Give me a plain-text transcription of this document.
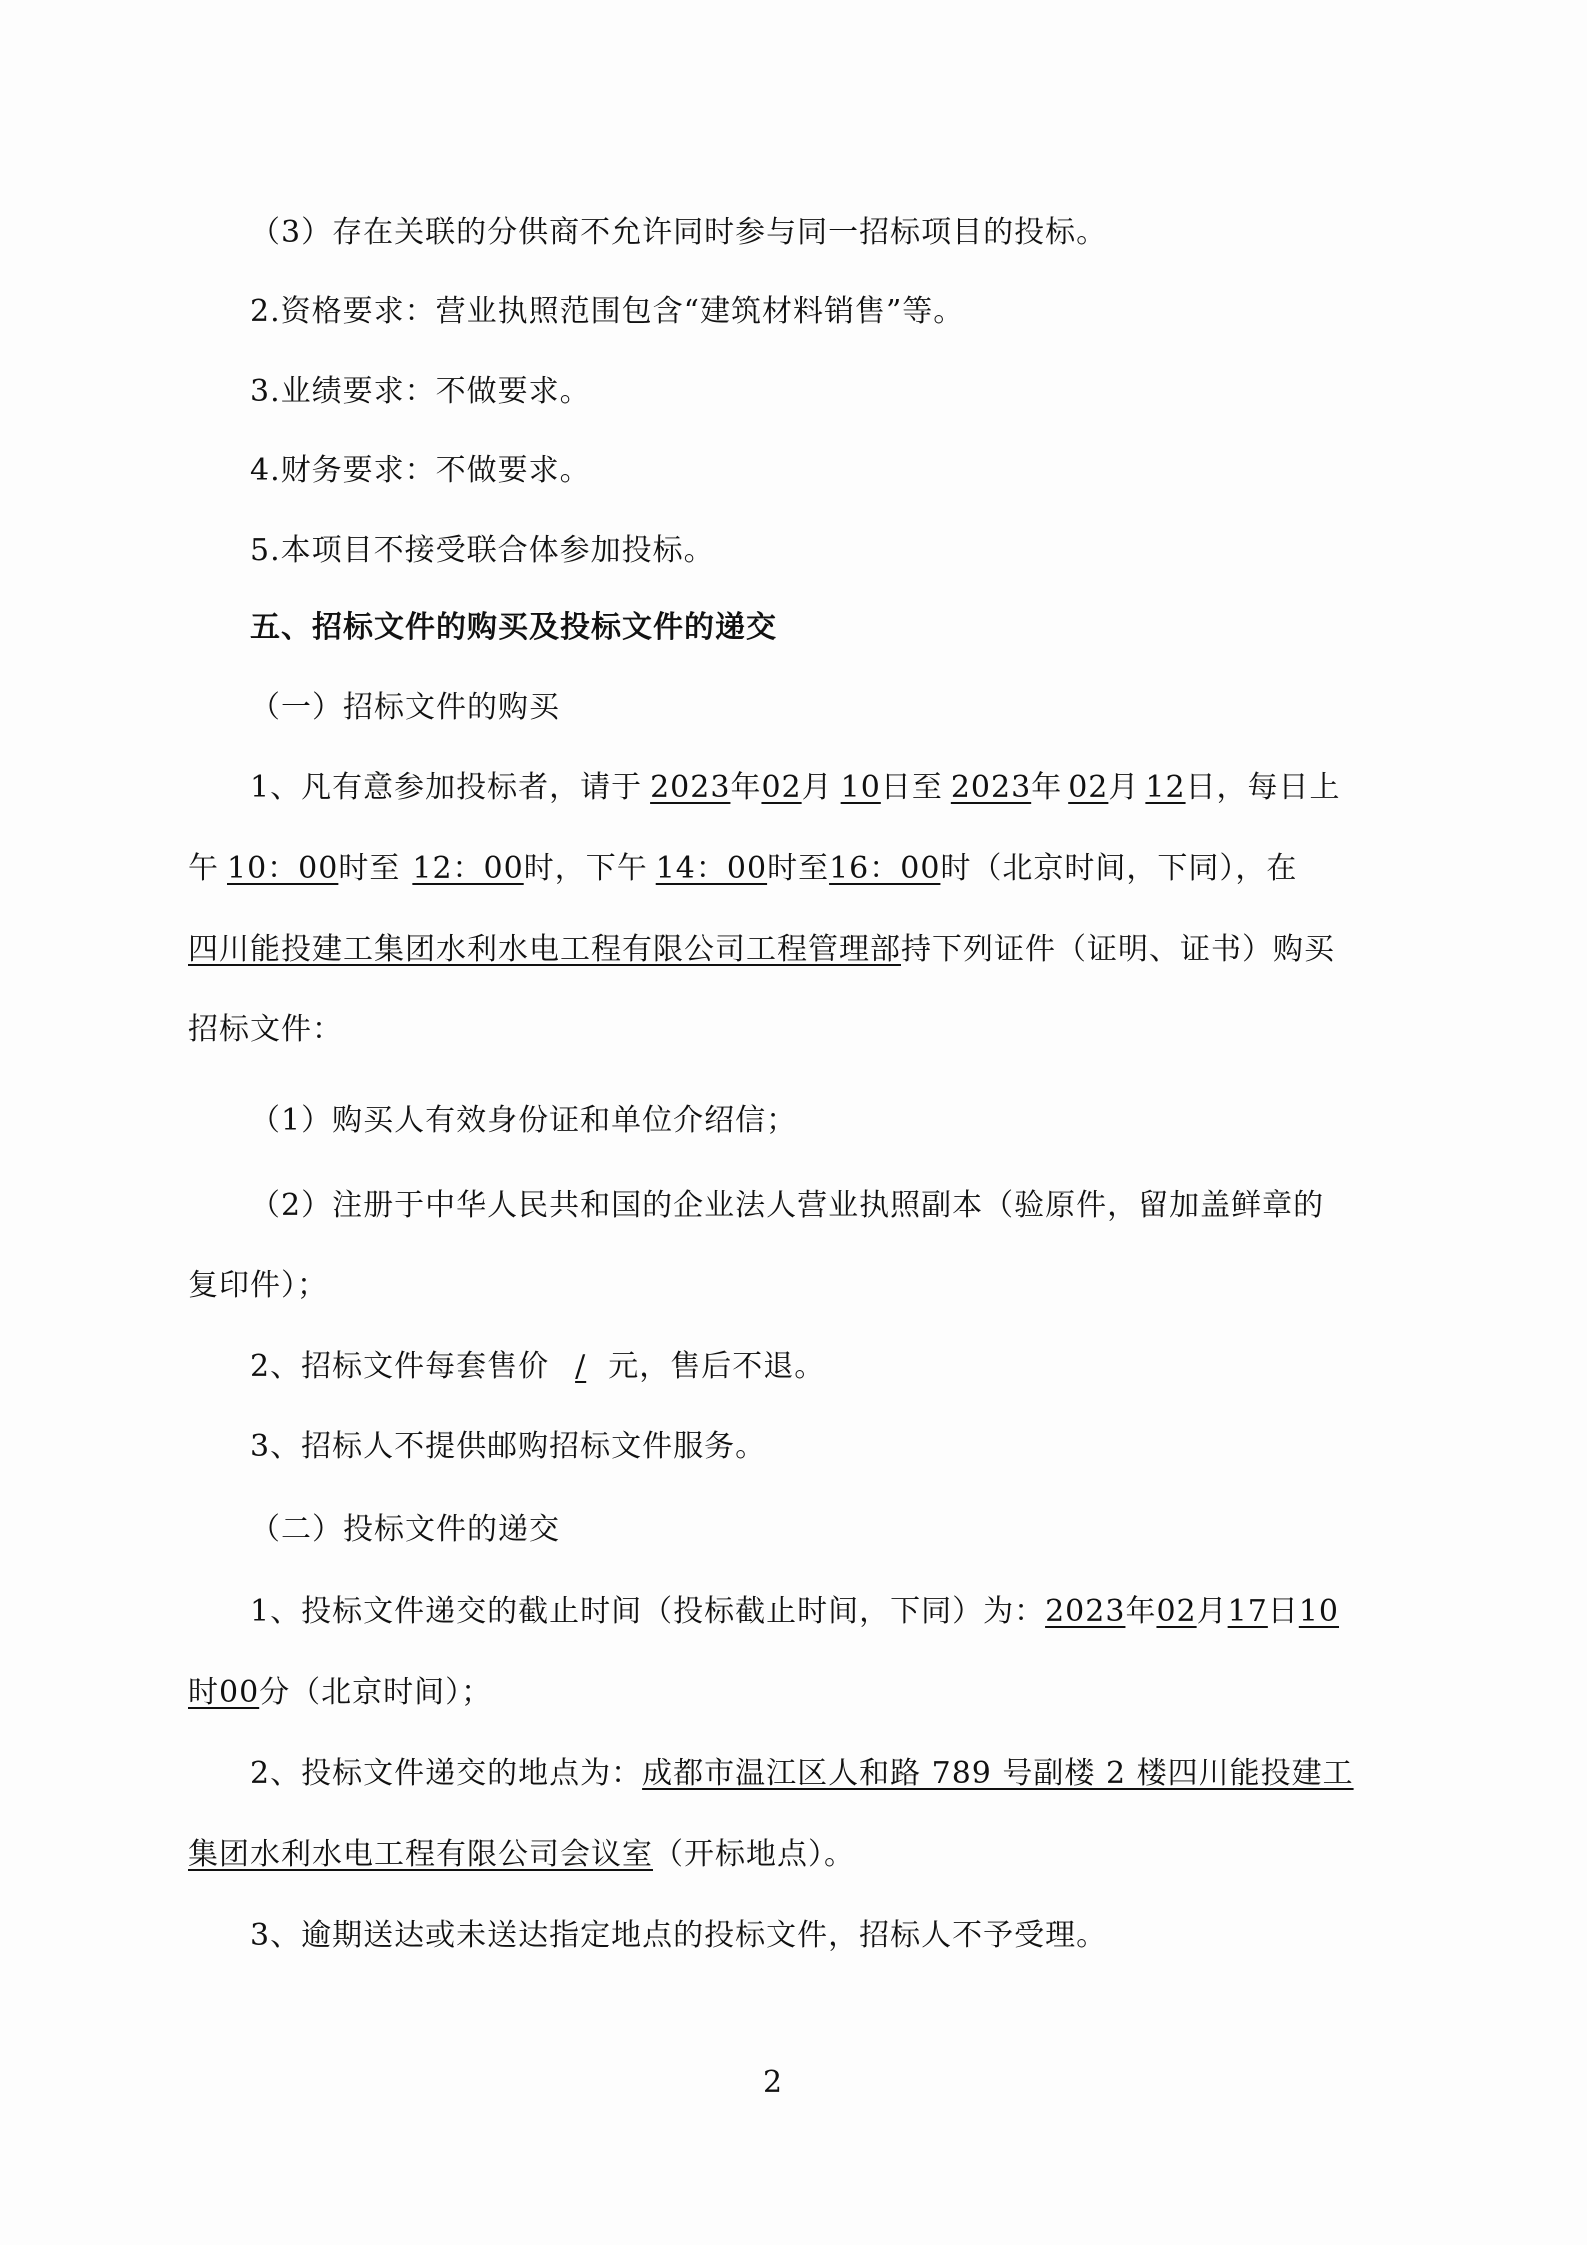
（3）存在关联的分供商不允许同时参与同一招标项目的投标。
2.资格要求：营业执照范围包含“建筑材料销售”等。
3.业绩要求：不做要求。
4.财务要求：不做要求。
5.本项目不接受联合体参加投标。
五、招标文件的购买及投标文件的递交
（一）招标文件的购买
1、凡有意参加投标者，请于 2023年02月 10日至 2023年 02月 12日，每日上
午 10：00时至 12：00时，下午 14：00时至16：00时（北京时间，下同），在
四川能投建工集团水利水电工程有限公司工程管理部持下列证件（证明、证书）购买
招标文件：
（1）购买人有效身份证和单位介绍信；
（2）注册于中华人民共和国的企业法人营业执照副本（验原件，留加盖鲜章的
复印件）；
2、招标文件每套售价 / 元，售后不退。
3、招标人不提供邮购招标文件服务。
（二）投标文件的递交
1、投标文件递交的截止时间（投标截止时间，下同）为：2023年02月17日10
时00分（北京时间）；
2、投标文件递交的地点为：成都市温江区人和路 789 号副楼 2 楼四川能投建工
集团水利水电工程有限公司会议室（开标地点）。
3、逾期送达或未送达指定地点的投标文件，招标人不予受理。
2
